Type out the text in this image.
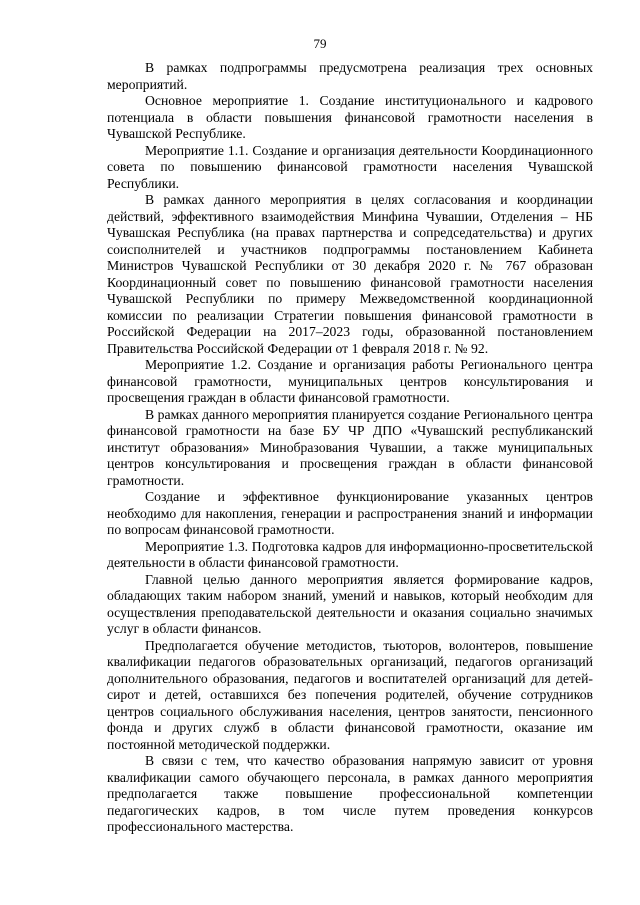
79

В рамках подпрограммы предусмотрена реализация трех основных мероприятий.

Основное мероприятие 1. Создание институционального и кадрового потенциала в области повышения финансовой грамотности населения в Чувашской Республике.

Мероприятие 1.1. Создание и организация деятельности Координационного совета по повышению финансовой грамотности населения Чувашской Республики.

В рамках данного мероприятия в целях согласования и координации действий, эффективного взаимодействия Минфина Чувашии, Отделения – НБ Чувашская Республика (на правах партнерства и сопредседательства) и других соисполнителей и участников подпрограммы постановлением Кабинета Министров Чувашской Республики от 30 декабря 2020 г. № 767 образован Координационный совет по повышению финансовой грамотности населения Чувашской Республики по примеру Межведомственной координационной комиссии по реализации Стратегии повышения финансовой грамотности в Российской Федерации на 2017–2023 годы, образованной постановлением Правительства Российской Федерации от 1 февраля 2018 г. № 92.

Мероприятие 1.2. Создание и организация работы Регионального центра финансовой грамотности, муниципальных центров консультирования и просвещения граждан в области финансовой грамотности.

В рамках данного мероприятия планируется создание Регионального центра финансовой грамотности на базе БУ ЧР ДПО «Чувашский республиканский институт образования» Минобразования Чувашии, а также муниципальных центров консультирования и просвещения граждан в области финансовой грамотности.

Создание и эффективное функционирование указанных центров необходимо для накопления, генерации и распространения знаний и информации по вопросам финансовой грамотности.

Мероприятие 1.3. Подготовка кадров для информационно-просветительской деятельности в области финансовой грамотности.

Главной целью данного мероприятия является формирование кадров, обладающих таким набором знаний, умений и навыков, который необходим для осуществления преподавательской деятельности и оказания социально значимых услуг в области финансов.

Предполагается обучение методистов, тьюторов, волонтеров, повышение квалификации педагогов образовательных организаций, педагогов организаций дополнительного образования, педагогов и воспитателей организаций для детей-сирот и детей, оставшихся без попечения родителей, обучение сотрудников центров социального обслуживания населения, центров занятости, пенсионного фонда и других служб в области финансовой грамотности, оказание им постоянной методической поддержки.

В связи с тем, что качество образования напрямую зависит от уровня квалификации самого обучающего персонала, в рамках данного мероприятия предполагается также повышение профессиональной компетенции педагогических кадров, в том числе путем проведения конкурсов профессионального мастерства.
